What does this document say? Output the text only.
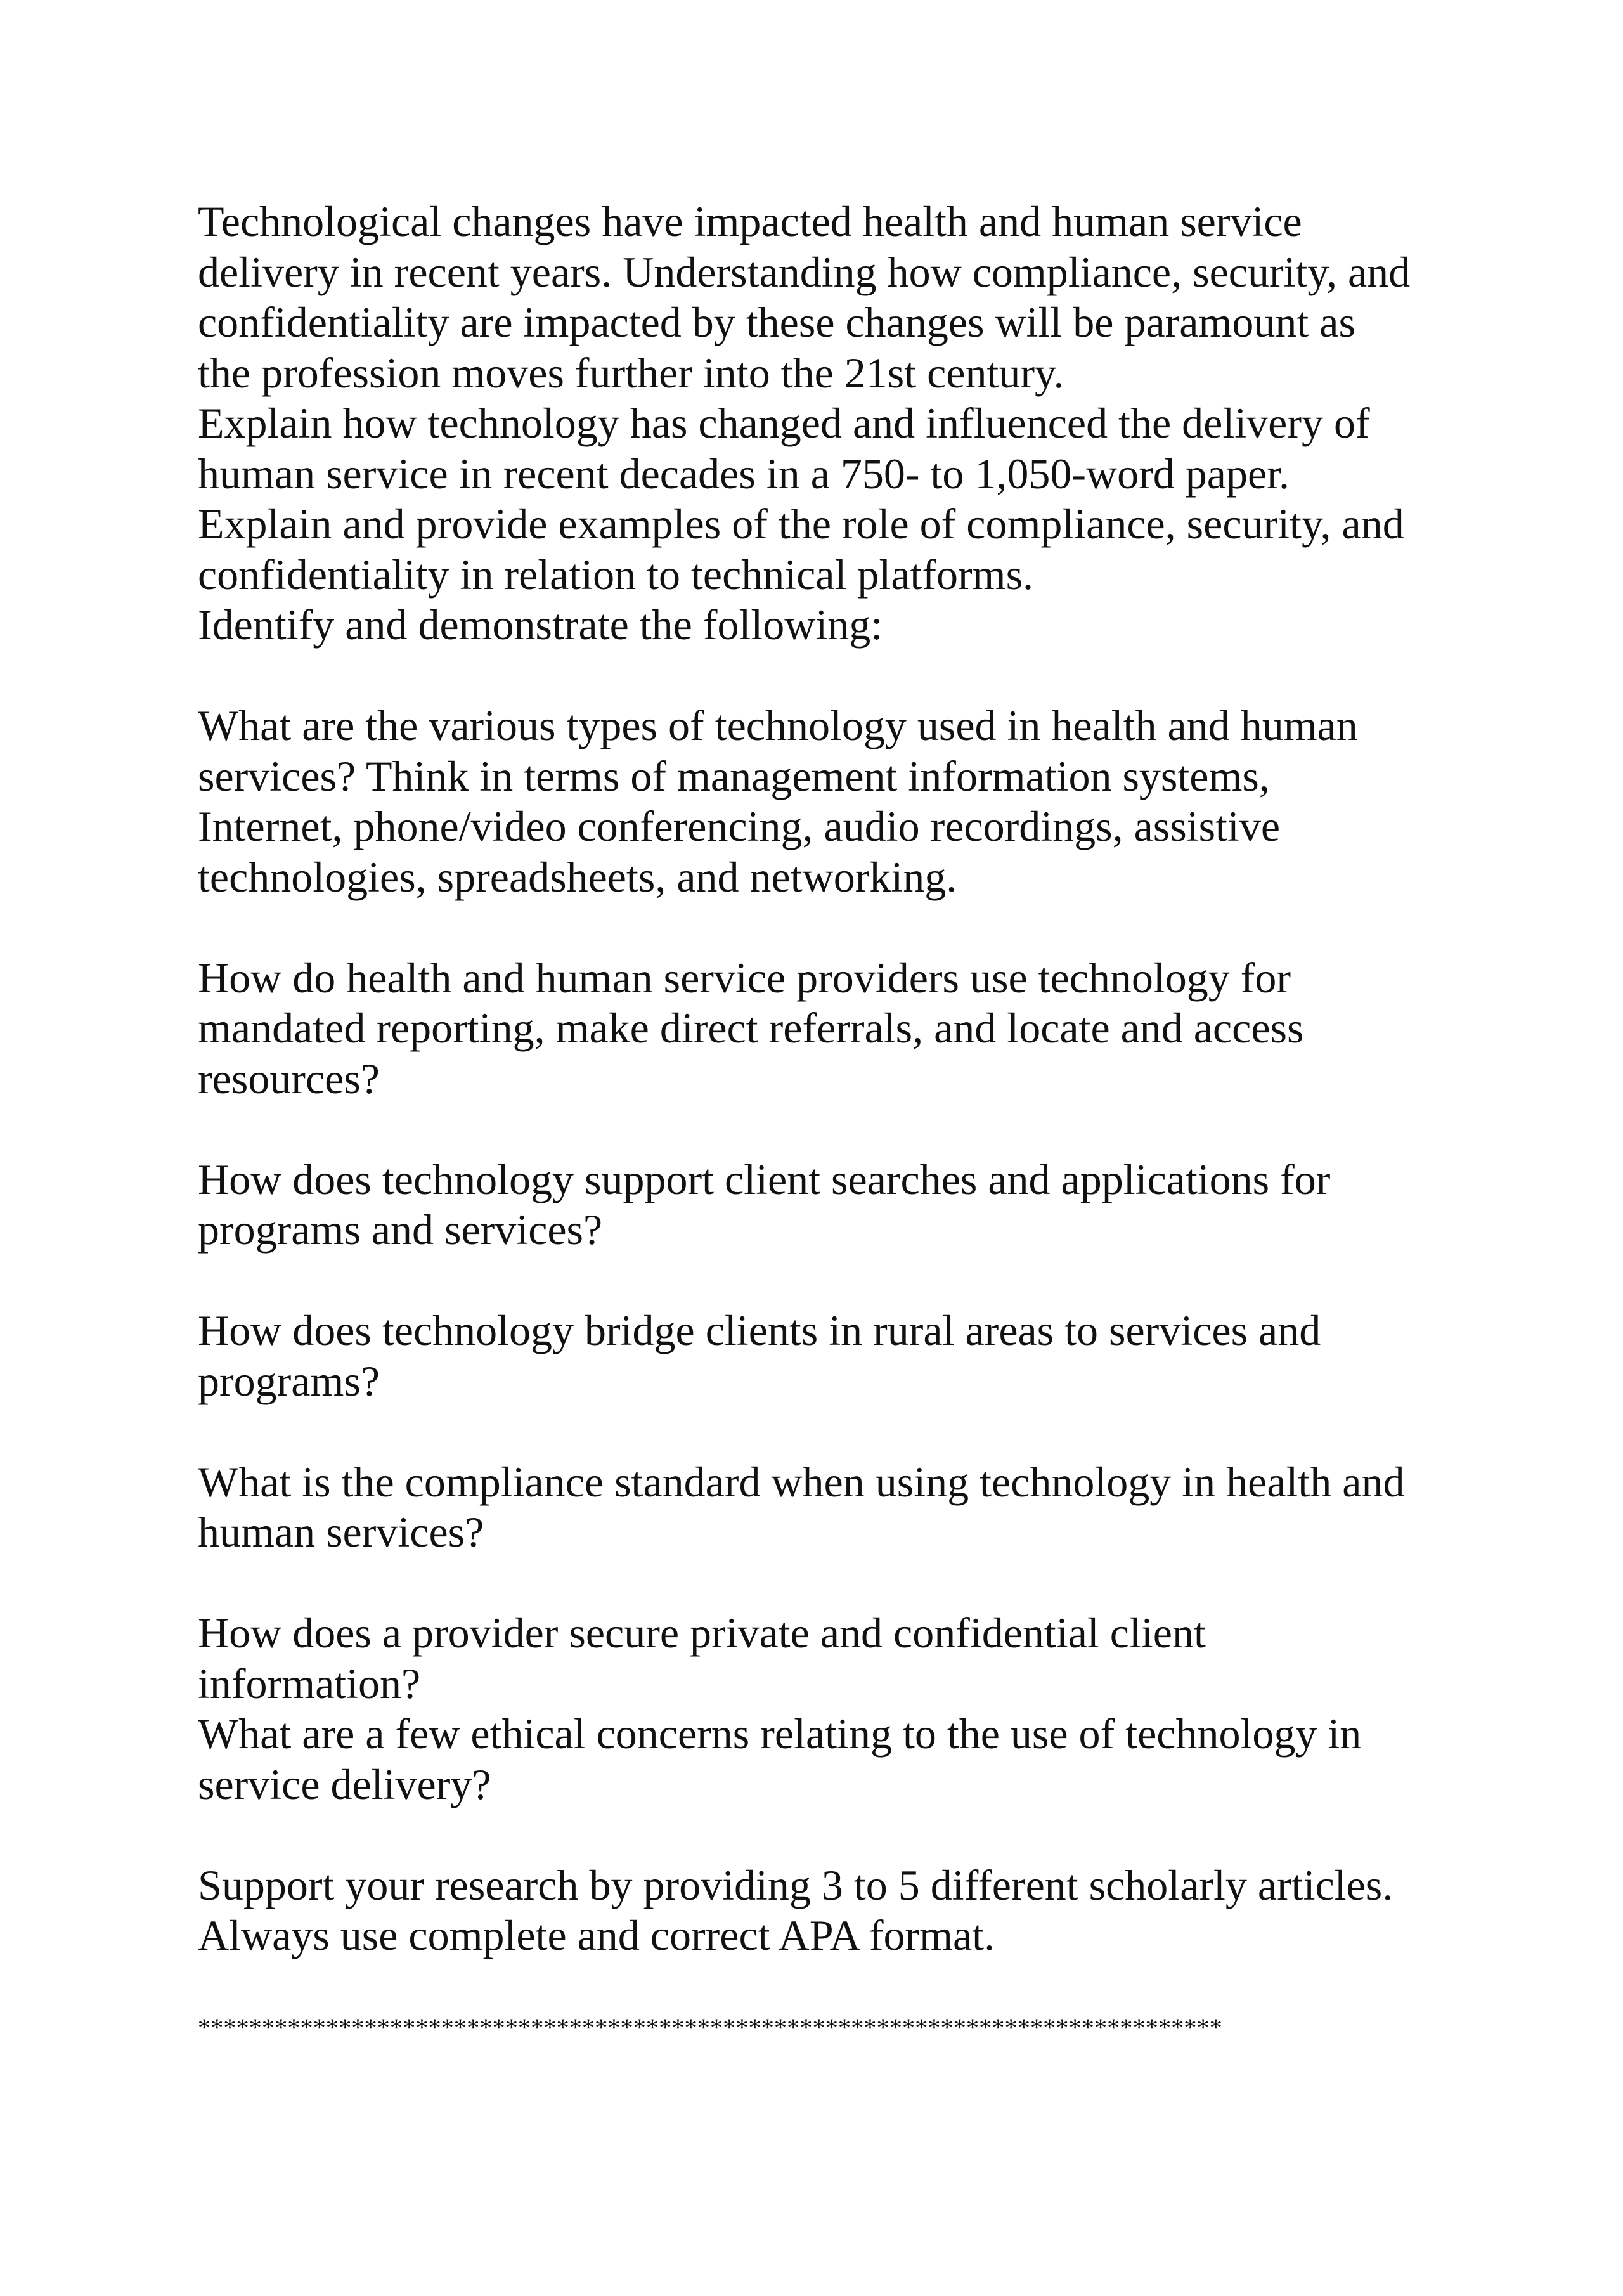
Technological changes have impacted health and human service
delivery in recent years. Understanding how compliance, security, and
confidentiality are impacted by these changes will be paramount as
the profession moves further into the 21st century.
Explain how technology has changed and influenced the delivery of
human service in recent decades in a 750- to 1,050-word paper.
Explain and provide examples of the role of compliance, security, and
confidentiality in relation to technical platforms.
Identify and demonstrate the following:
What are the various types of technology used in health and human
services? Think in terms of management information systems,
Internet, phone/video conferencing, audio recordings, assistive
technologies, spreadsheets, and networking.
How do health and human service providers use technology for
mandated reporting, make direct referrals, and locate and access
resources?
How does technology support client searches and applications for
programs and services?
How does technology bridge clients in rural areas to services and
programs?
What is the compliance standard when using technology in health and
human services?
How does a provider secure private and confidential client
information?
What are a few ethical concerns relating to the use of technology in
service delivery?
Support your research by providing 3 to 5 different scholarly articles.
Always use complete and correct APA format.
********************************************************************************
